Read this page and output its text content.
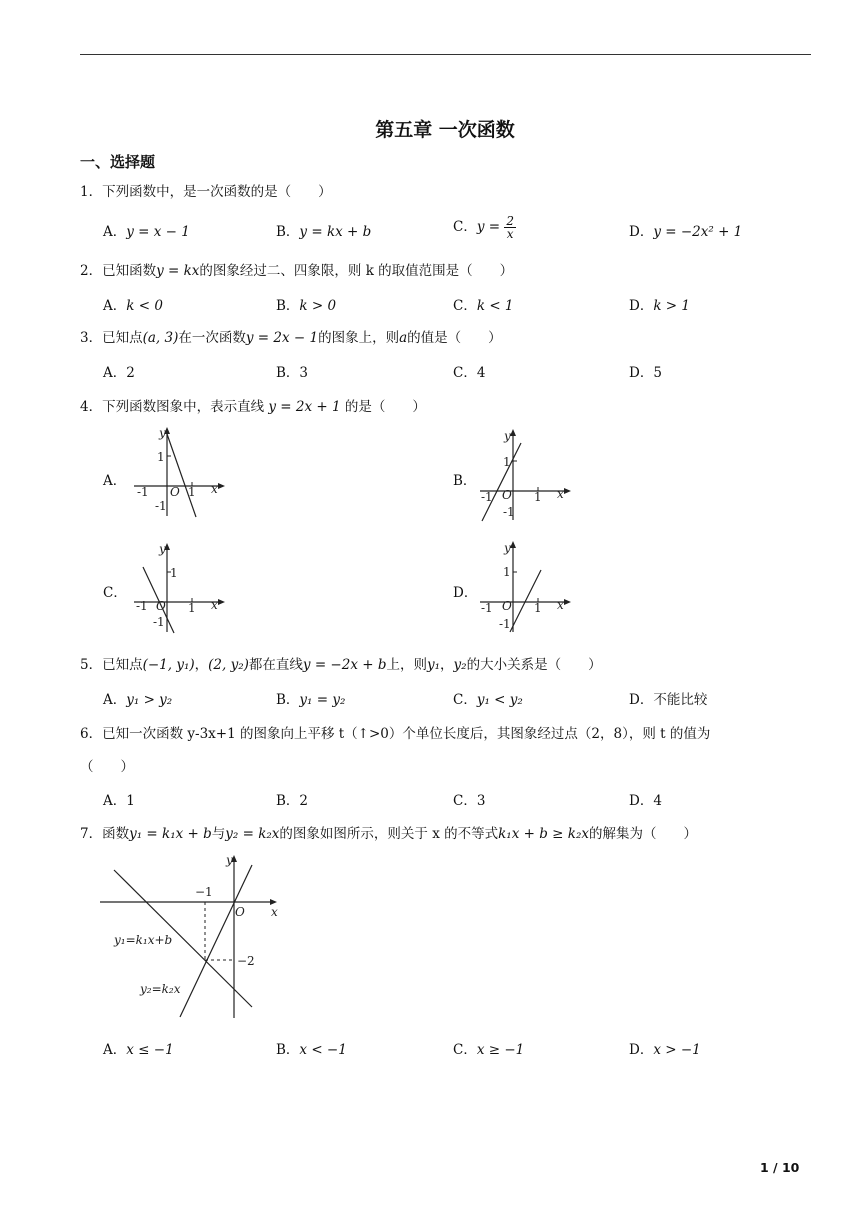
第五章 一次函数
一、选择题
1．下列函数中，是一次函数的是（　　）
A．y = x − 1	B．y = kx + b	C．$y = \frac{2}{x}$	D．y = −2x² + 1
2．已知函数y = kx的图象经过二、四象限，则 k 的取值范围是（　　）
A．k < 0	B．k > 0	C．k < 1	D．k > 1
3．已知点(a, 3)在一次函数y = 2x − 1的图象上，则a的值是（　　）
A．2	B．3	C．4	D．5
4．下列函数图象中，表示直线 y = 2x + 1 的是（　　）
A．	B．
C．	D．
y
x
1
-1 O 1
-1
y
x
1
-1 O 1
-1
y
x
1
-1 O 1
-1
y
x
1
-1 O 1
-1
5．已知点(−1, y₁)，(2, y₂)都在直线y = −2x + b上，则y₁，y₂的大小关系是（　　）
A．y₁ > y₂	B．y₁ = y₂	C．y₁ < y₂	D．不能比较
6．已知一次函数 y-3x+1 的图象向上平移 t（↑>0）个单位长度后，其图象经过点（2，8），则 t 的值为
（　　）
A．1	B．2	C．3	D．4
7．函数y₁ = k₁x + b与y₂ = k₂x的图象如图所示，则关于 x 的不等式k₁x + b ≥ k₂x的解集为（　　）
y
x
O
−1
−2
y₁=k₁x+b
y₂=k₂x
A．x ≤ −1	B．x < −1	C．x ≥ −1	D．x > −1
1 / 10
